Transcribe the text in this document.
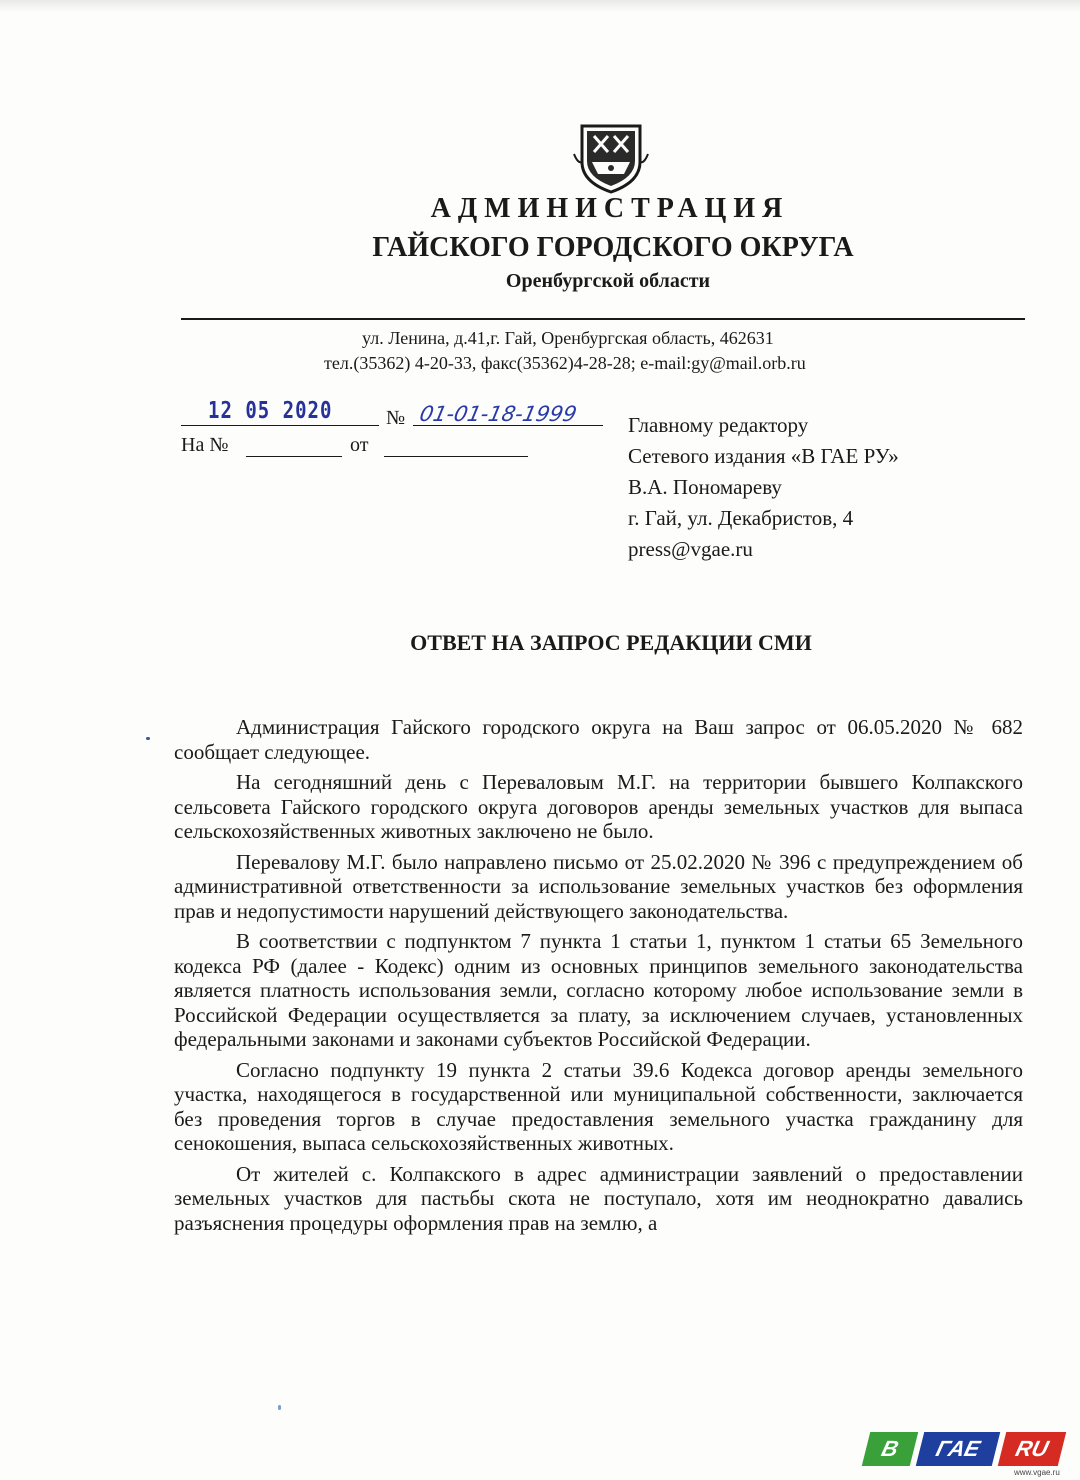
АДМИНИСТРАЦИЯ
ГАЙСКОГО ГОРОДСКОГО ОКРУГА
Оренбургской области
ул. Ленина, д.41,г. Гай, Оренбургская область, 462631
тел.(35362) 4-20-33, факс(35362)4-28-28; e-mail:gy@mail.orb.ru
12 05 2020	№ 01-01-18-1999
На №	от
Главному редактору
Сетевого издания «В ГАЕ РУ»
В.А. Пономареву
г. Гай, ул. Декабристов, 4
press@vgae.ru
ОТВЕТ НА ЗАПРОС РЕДАКЦИИ СМИ

Администрация Гайского городского округа на Ваш запрос от 06.05.2020 № 682 сообщает следующее.

На сегодняшний день с Переваловым М.Г. на территории бывшего Колпакского сельсовета Гайского городского округа договоров аренды земельных участков для выпаса сельскохозяйственных животных заключено не было.

Перевалову М.Г. было направлено письмо от 25.02.2020 № 396 с предупреждением об административной ответственности за использование земельных участков без оформления прав и недопустимости нарушений действующего законодательства.

В соответствии с подпунктом 7 пункта 1 статьи 1, пунктом 1 статьи 65 Земельного кодекса РФ (далее - Кодекс) одним из основных принципов земельного законодательства является платность использования земли, согласно которому любое использование земли в Российской Федерации осуществляется за плату, за исключением случаев, установленных федеральными законами и законами субъектов Российской Федерации.

Согласно подпункту 19 пункта 2 статьи 39.6 Кодекса договор аренды земельного участка, находящегося в государственной или муниципальной собственности, заключается без проведения торгов в случае предоставления земельного участка гражданину для сенокошения, выпаса сельскохозяйственных животных.

От жителей с. Колпакского в адрес администрации заявлений о предоставлении земельных участков для пастьбы скота не поступало, хотя им неоднократно давались разъяснения процедуры оформления прав на землю, а

В	ГАЕ	RU
www.vgae.ru
